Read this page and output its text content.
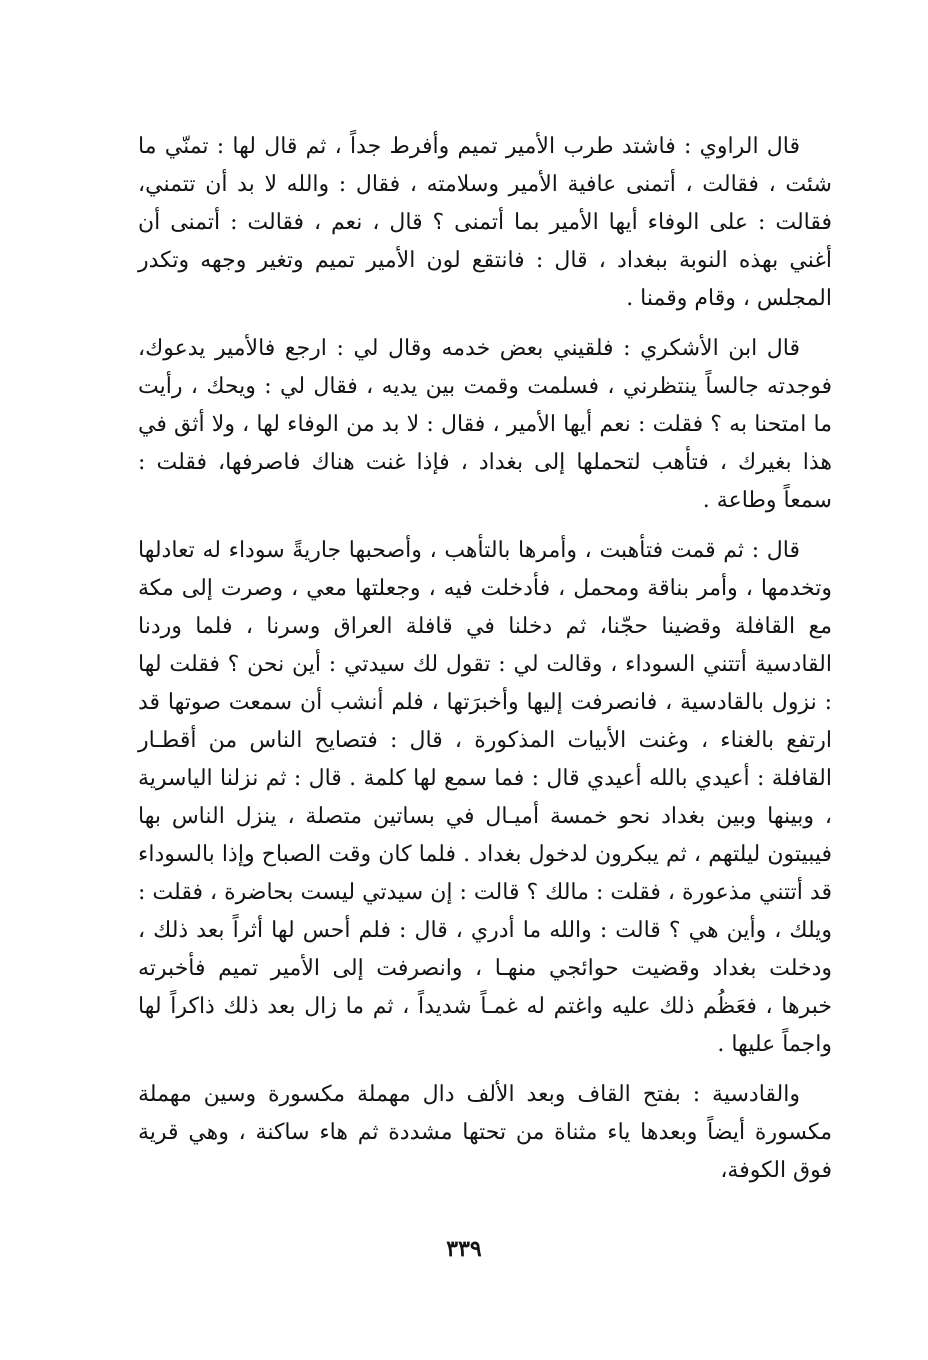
قال الراوي : فاشتد طرب الأمير تميم وأفرط جداً ، ثم قال لها : تمنّي ما شئت ، فقالت ، أتمنى عافية الأمير وسلامته ، فقال : والله لا بد أن تتمني، فقالت : على الوفاء أيها الأمير بما أتمنى ؟ قال ، نعم ، فقالت : أتمنى أن أغني بهذه النوبة ببغداد ، قال : فانتقع لون الأمير تميم وتغير وجهه وتكدر المجلس ، وقام وقمنا .

قال ابن الأشكري : فلقيني بعض خدمه وقال لي : ارجع فالأمير يدعوك، فوجدته جالساً ينتظرني ، فسلمت وقمت بين يديه ، فقال لي : ويحك ، رأيت ما امتحنا به ؟ فقلت : نعم أيها الأمير ، فقال : لا بد من الوفاء لها ، ولا أثق في هذا بغيرك ، فتأهب لتحملها إلى بغداد ، فإذا غنت هناك فاصرفها، فقلت : سمعاً وطاعة .

قال : ثم قمت فتأهبت ، وأمرها بالتأهب ، وأصحبها جاريةً سوداء له تعادلها وتخدمها ، وأمر بناقة ومحمل ، فأدخلت فيه ، وجعلتها معي ، وصرت إلى مكة مع القافلة وقضينا حجّنا، ثم دخلنا في قافلة العراق وسرنا ، فلما وردنا القادسية أتتني السوداء ، وقالت لي : تقول لك سيدتي : أين نحن ؟ فقلت لها : نزول بالقادسية ، فانصرفت إليها وأخبرَتها ، فلم أنشب أن سمعت صوتها قد ارتفع بالغناء ، وغنت الأبيات المذكورة ، قال : فتصايح الناس من أقطـار القافلة : أعيدي بالله أعيدي قال : فما سمع لها كلمة . قال : ثم نزلنا الياسرية ، وبينها وبين بغداد نحو خمسة أميـال في بساتين متصلة ، ينزل الناس بها فيبيتون ليلتهم ، ثم يبكرون لدخول بغداد . فلما كان وقت الصباح وإذا بالسوداء قد أتتني مذعورة ، فقلت : مالك ؟ قالت : إن سيدتي ليست بحاضرة ، فقلت : ويلك ، وأين هي ؟ قالت : والله ما أدري ، قال : فلم أحس لها أثراً بعد ذلك ، ودخلت بغداد وقضيت حوائجي منهـا ، وانصرفت إلى الأمير تميم فأخبرته خبرها ، فعَظُم ذلك عليه واغتم له غمـاً شديداً ، ثم ما زال بعد ذلك ذاكراً لها واجماً عليها .

والقادسية : بفتح القاف وبعد الألف دال مهملة مكسورة وسين مهملة مكسورة أيضاً وبعدها ياء مثناة من تحتها مشددة ثم هاء ساكنة ، وهي قرية فوق الكوفة،

٣٣٩
